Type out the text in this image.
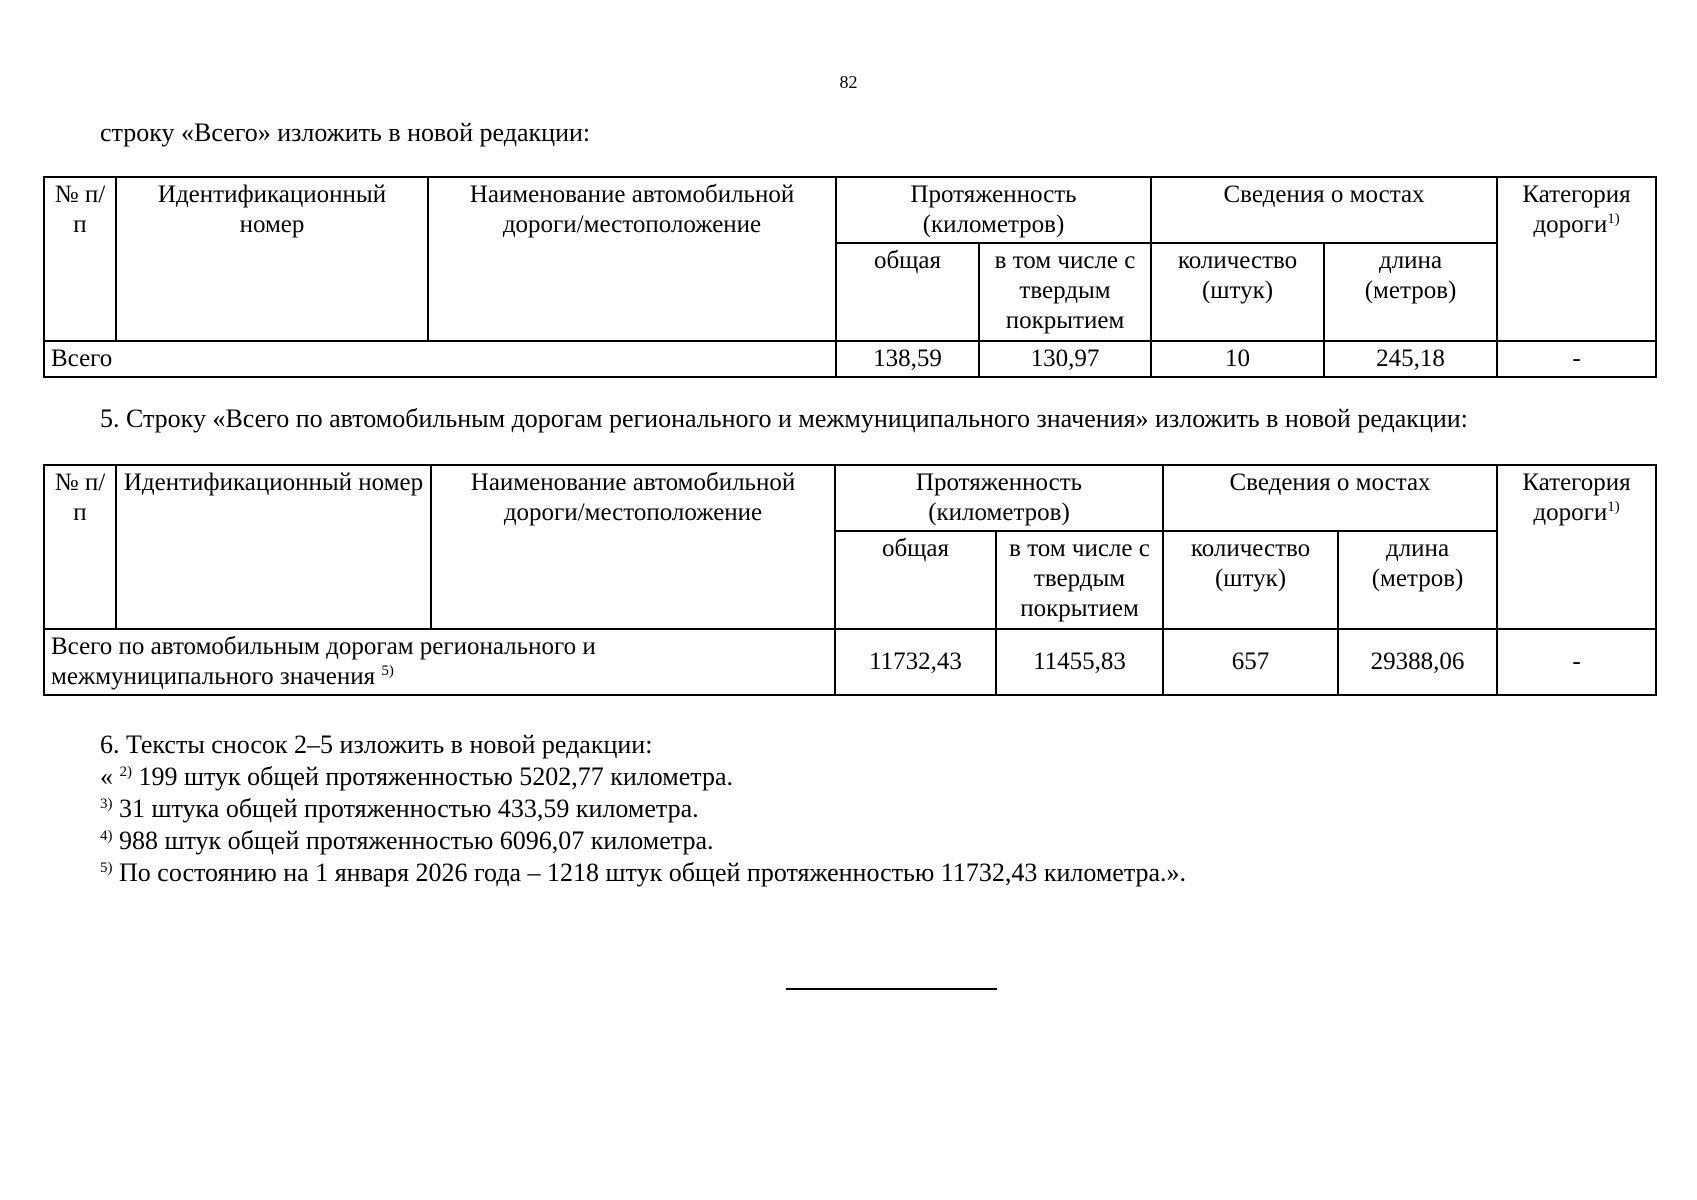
82
строку «Всего» изложить в новой редакции:
№ п/п	Идентификационный номер	Наименование автомобильной дороги/местоположение	Протяженность (километров)		Сведения о мостах		Категория дороги$^{1)}$
			общая	в том числе с твердым покрытием	количество (штук)	длина (метров)	
Всего			138,59	130,97	10	245,18	-
5. Строку «Всего по автомобильным дорогам регионального и межмуниципального значения» изложить в новой редакции:
№ п/п	Идентификационный номер	Наименование автомобильной дороги/местоположение	Протяженность (километров)		Сведения о мостах		Категория дороги$^{1)}$
			общая	в том числе с твердым покрытием	количество (штук)	длина (метров)	
Всего по автомобильным дорогам регионального и
межмуниципального значения $^{5)}$			11732,43	11455,83	657	29388,06	-
6. Тексты сносок 2–5 изложить в новой редакции:
« $^{2)}$ 199 штук общей протяженностью 5202,77 километра.
$^{3)}$ 31 штука общей протяженностью 433,59 километра.
$^{4)}$ 988 штук общей протяженностью 6096,07 километра.
$^{5)}$ По состоянию на 1 января 2026 года – 1218 штук общей протяженностью 11732,43 километра.».
